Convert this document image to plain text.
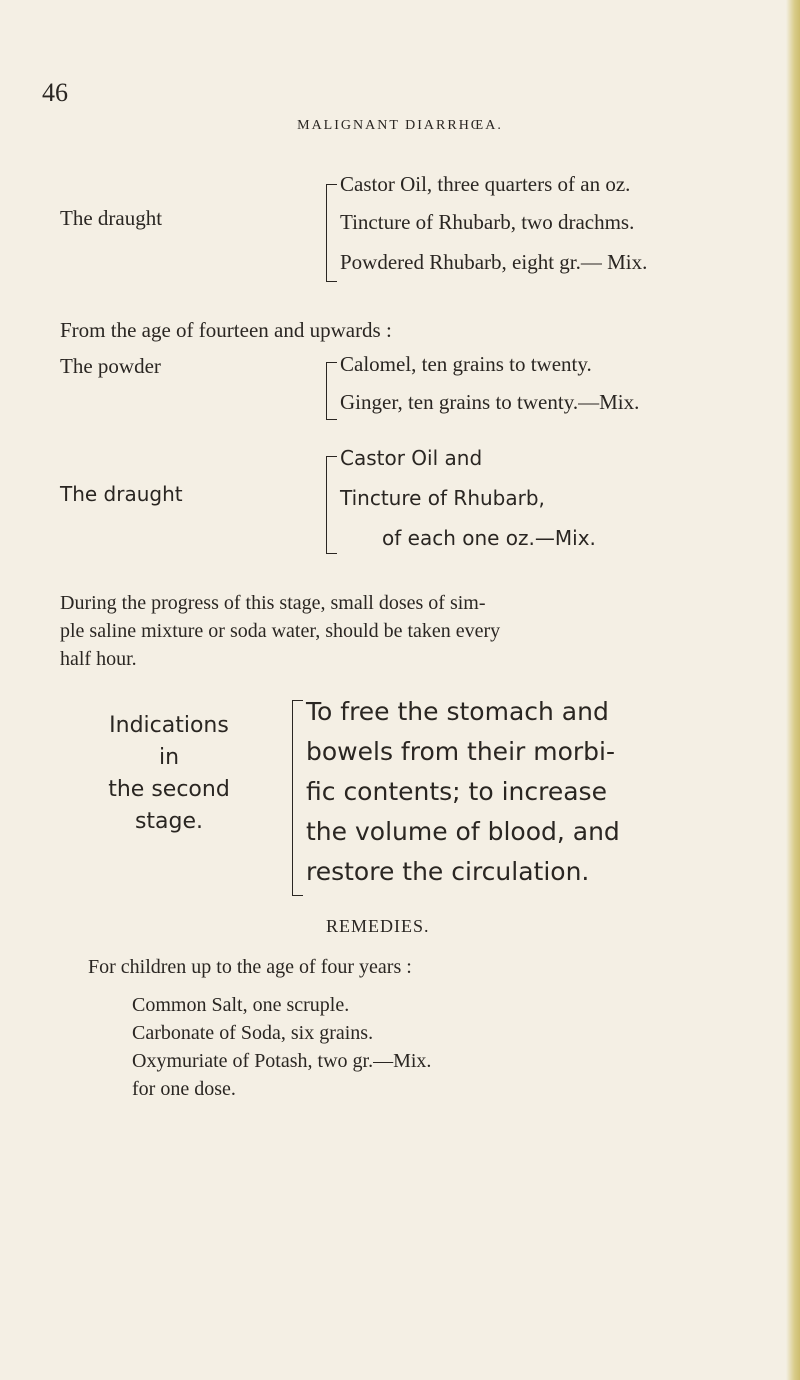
46
MALIGNANT DIARRHŒA.
The draught
Castor Oil, three quarters of an oz.
Tincture of Rhubarb, two drachms.
Powdered Rhubarb, eight gr.— Mix.
From the age of fourteen and upwards :
The powder	Calomel, ten grains to twenty.
Ginger, ten grains to twenty.—Mix.
The draught
Castor Oil and
Tincture of Rhubarb,
of each one oz.—Mix.
During the progress of this stage, small doses of sim-
ple saline mixture or soda water, should be taken every
half hour.
Indications
in
the second
stage.
To free the stomach and
bowels from their morbi-
fic contents; to increase
the volume of blood, and
restore the circulation.
REMEDIES.
For children up to the age of four years :
Common Salt, one scruple.
Carbonate of Soda, six grains.
Oxymuriate of Potash, two gr.—Mix.
for one dose.
